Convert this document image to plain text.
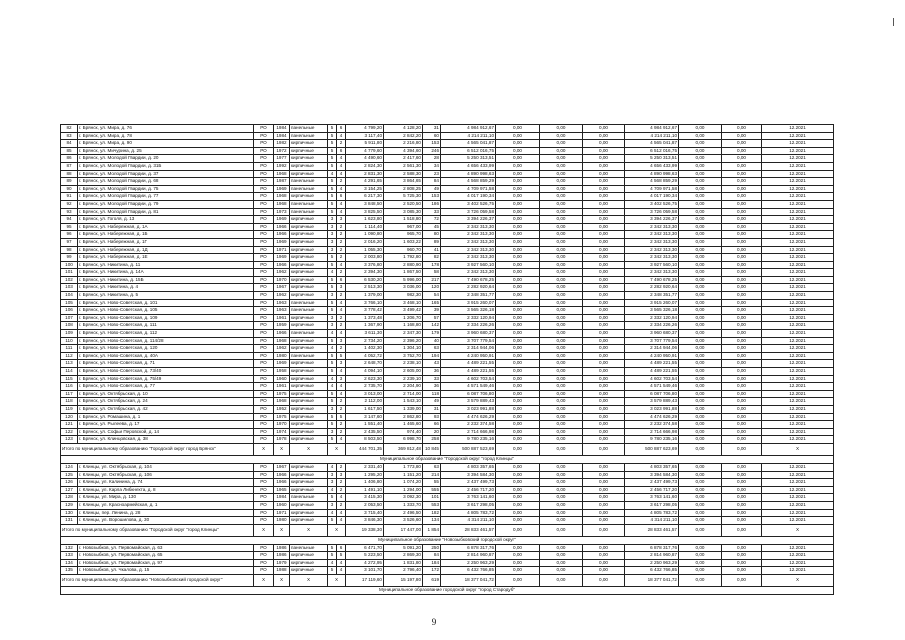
82	г. Брянск, ул. Мира, д. 76	РО	1984	панельные	5	6	4 799,20	4 128,20	31	4 984 912,67	0,00	0,00	0,00	4 984 912,67	0,00	0,00	12.2021
83	г. Брянск, ул. Мира, д. 78	РО	1984	панельные	5	4	3 117,40	2 842,20	60	4 214 211,10	0,00	0,00	0,00	4 214 211,10	0,00	0,00	12.2021
84	г. Брянск, ул. Мира, д. 90	РО	1982	кирпичные	5	2	5 911,80	2 216,80	153	4 565 041,87	0,00	0,00	0,00	4 565 041,87	0,00	0,00	12.2021
85	г. Брянск, ул. Мичурина, д. 25	РО	1972	кирпичные	5	6	4 779,60	4 394,60	246	6 512 016,75	0,00	0,00	0,00	6 512 016,75	0,00	0,00	12.2021
86	г. Брянск, ул. Молодой Гвардии, д. 20	РО	1977	кирпичные	5	4	4 490,60	2 417,60	28	5 250 313,51	0,00	0,00	0,00	5 250 313,51	0,00	0,00	12.2021
87	г. Брянск, ул. Молодой Гвардии, д. 31Б	РО	1992	кирпичные	5	4	2 824,30	2 561,30	34	4 656 433,99	0,00	0,00	0,00	4 656 433,99	0,00	0,00	12.2021
88	г. Брянск, ул. Молодой Гвардии, д. 37	РО	1968	кирпичные	4	4	2 831,30	2 588,30	23	4 890 998,63	0,00	0,00	0,00	4 890 998,63	0,00	0,00	12.2021
89	г. Брянск, ул. Молодой Гвардии, д. 68	РО	1987	панельные	5	2	4 291,65	3 864,65	84	4 568 859,29	0,00	0,00	0,00	4 568 859,29	0,00	0,00	12.2021
90	г. Брянск, ул. Молодой Гвардии, д. 75	РО	1969	панельные	5	4	3 154,25	2 808,25	49	4 709 971,58	0,00	0,00	0,00	4 709 971,58	0,00	0,00	12.2021
91	г. Брянск, ул. Молодой Гвардии, д. 77	РО	1968	кирпичные	5	6	6 217,30	5 725,30	153	4 017 190,34	0,00	0,00	0,00	4 017 190,34	0,00	0,00	12.2021
92	г. Брянск, ул. Молодой Гвардии, д. 79	РО	1968	панельные	5	4	3 848,50	2 520,50	186	3 402 526,75	0,00	0,00	0,00	3 402 526,75	0,00	0,00	12.2021
93	г. Брянск, ул. Молодой Гвардии, д. 81	РО	1973	панельные	5	4	3 825,50	3 085,30	33	3 726 059,58	0,00	0,00	0,00	3 726 059,58	0,00	0,00	12.2021
94	г. Брянск, ул. Гоголя, д. 13	РО	1969	кирпичные	3	3	1 623,80	1 518,80	72	3 394 226,37	0,00	0,00	0,00	3 394 226,37	0,00	0,00	12.2021
95	г. Брянск, ул. Набережная, д. 1А	РО	1966	кирпичные	3	2	1 114,40	967,00	45	2 342 313,30	0,00	0,00	0,00	2 342 313,30	0,00	0,00	12.2021
96	г. Брянск, ул. Набережная, д. 1Б	РО	1966	кирпичные	3	2	1 090,80	965,70	80	2 342 313,30	0,00	0,00	0,00	2 342 313,30	0,00	0,00	12.2021
97	г. Брянск, ул. Набережная, д. 1Г	РО	1969	кирпичные	3	2	2 016,20	1 603,22	89	2 342 313,30	0,00	0,00	0,00	2 342 313,30	0,00	0,00	12.2021
98	г. Брянск, ул. Набережная, д. 1Д	РО	1971	кирпичные	3	2	1 055,30	960,70	41	2 342 313,30	0,00	0,00	0,00	2 342 313,30	0,00	0,00	12.2021
99	г. Брянск, ул. Набережная, д. 1Е	РО	1969	кирпичные	5	2	2 003,80	1 792,80	82	2 342 313,30	0,00	0,00	0,00	2 342 313,30	0,00	0,00	12.2021
100	г. Брянск, ул. Никитина, д. 11	РО	1966	кирпичные	5	4	3 376,80	2 880,90	178	3 927 560,10	0,00	0,00	0,00	3 927 560,10	0,00	0,00	12.2021
101	г. Брянск, ул. Никитина, д. 14А	РО	1962	кирпичные	4	2	2 394,30	1 867,50	58	2 342 313,30	0,00	0,00	0,00	2 342 313,30	0,00	0,00	12.2021
102	г. Брянск, ул. Никитина, д. 15Б	РО	1970	кирпичные	5	6	6 530,20	5 996,00	217	7 490 678,25	0,00	0,00	0,00	7 490 678,25	0,00	0,00	12.2021
103	г. Брянск, ул. Никитина, д. 4	РО	1967	кирпичные	5	3	2 513,30	3 036,00	120	2 282 920,64	0,00	0,00	0,00	2 282 920,64	0,00	0,00	12.2021
104	г. Брянск, ул. Никитина, д. 5	РО	1962	кирпичные	3	2	1 379,00	982,30	54	2 348 351,77	0,00	0,00	0,00	2 348 351,77	0,00	0,00	12.2021
105	г. Брянск, ул. Ново-Советская, д. 101	РО	1963	панельные	5	4	3 766,10	3 468,10	165	3 915 260,07	0,00	0,00	0,00	3 915 260,07	0,00	0,00	12.2021
106	г. Брянск, ул. Ново-Советская, д. 105	РО	1963	панельные	5	4	3 778,42	3 499,42	39	3 565 326,18	0,00	0,00	0,00	3 565 326,18	0,00	0,00	12.2021
107	г. Брянск, ул. Ново-Советская, д. 109	РО	1961	кирпичные	3	2	1 373,48	1 206,70	57	2 332 120,94	0,00	0,00	0,00	2 332 120,94	0,00	0,00	12.2021
108	г. Брянск, ул. Ново-Советская, д. 111	РО	1959	кирпичные	3	2	1 367,90	1 168,80	142	2 334 226,26	0,00	0,00	0,00	2 334 226,26	0,00	0,00	12.2021
109	г. Брянск, ул. Ново-Советская, д. 112	РО	1966	панельные	4	4	3 611,30	2 347,30	179	3 960 680,37	0,00	0,00	0,00	3 960 680,37	0,00	0,00	12.2021
110	г. Брянск, ул. Ново-Советская, д. 114/28	РО	1968	кирпичные	5	3	2 734,20	2 396,20	40	3 707 779,54	0,00	0,00	0,00	3 707 779,54	0,00	0,00	12.2021
111	г. Брянск, ул. Ново-Советская, д. 120	РО	1962	кирпичные	4	2	1 402,30	1 304,10	63	2 314 944,06	0,00	0,00	0,00	2 314 944,06	0,00	0,00	12.2021
112	г. Брянск, ул. Ново-Советская, д. 40А	РО	1980	панельные	5	5	4 052,72	3 752,70	194	4 240 950,91	0,00	0,00	0,00	4 240 950,91	0,00	0,00	12.2021
113	г. Брянск, ул. Ново-Советская, д. 71	РО	1969	кирпичные	5	3	2 648,70	2 238,10	43	4 489 221,55	0,00	0,00	0,00	4 489 221,55	0,00	0,00	12.2021
114	г. Брянск, ул. Ново-Советская, д. 73/40	РО	1958	кирпичные	5	4	4 094,10	2 605,00	36	4 489 221,55	0,00	0,00	0,00	4 489 221,55	0,00	0,00	12.2021
115	г. Брянск, ул. Ново-Советская, д. 75/49	РО	1960	кирпичные	4	3	2 623,30	2 239,10	33	4 602 703,54	0,00	0,00	0,00	4 602 703,54	0,00	0,00	12.2021
116	г. Брянск, ул. Ново-Советская, д. 77	РО	1961	кирпичные	4	4	2 735,70	2 204,90	36	4 571 549,46	0,00	0,00	0,00	4 571 549,46	0,00	0,00	12.2021
117	г. Брянск, ул. Октябрьская, д. 10	РО	1975	кирпичные	5	4	3 013,00	2 714,00	118	6 087 706,80	0,00	0,00	0,00	6 087 706,80	0,00	0,00	12.2021
118	г. Брянск, ул. Октябрьская, д. 24	РО	1968	кирпичные	5	2	2 112,00	1 543,10	49	3 579 889,43	0,00	0,00	0,00	3 579 889,43	0,00	0,00	12.2021
119	г. Брянск, ул. Октябрьская, д. 42	РО	1952	кирпичные	3	2	1 617,50	1 339,00	31	3 023 991,88	0,00	0,00	0,00	3 023 991,88	0,00	0,00	12.2021
120	г. Брянск, ул. Ромашина, д. 1	РО	1975	кирпичные	5	5	3 147,60	2 862,80	93	4 474 626,29	0,00	0,00	0,00	4 474 626,29	0,00	0,00	12.2021
121	г. Брянск, ул. Рылеева, д. 17	РО	1970	кирпичные	5	2	1 551,40	1 465,60	66	2 232 374,58	0,00	0,00	0,00	2 232 374,58	0,00	0,00	12.2021
122	г. Брянск, ул. Софьи Перовской, д. 14	РО	1974	кирпичные	3	2	2 435,50	974,40	20	2 714 666,98	0,00	0,00	0,00	2 714 666,98	0,00	0,00	12.2021
123	г. Брянск, ул. Клинцовская, д. 38	РО	1978	кирпичные	5	4	8 503,50	6 998,70	258	9 780 235,16	0,00	0,00	0,00	9 780 235,16	0,00	0,00	12.2021
Итого по муниципальному образованию "Городской округ город Брянск"		Х	Х	Х	Х		444 701,35	369 812,48	10 845	500 887 523,69	0,00	0,00	0,00	500 887 623,69	0,00	0,00	Х
Муниципальное образование "Городской округ "город Клинцы"																	
124	г. Клинцы, ул. Октябрьская, д. 104	РО	1967	кирпичные	4	2	2 331,40	1 773,80	63	4 803 357,65	0,00	0,00	0,00	4 803 357,65	0,00	0,00	12.2021
125	г. Клинцы, ул. Октябрьская, д. 106	РО	1966	кирпичные	3	3	1 295,20	1 151,20	214	3 394 584,30	0,00	0,00	0,00	3 394 584,30	0,00	0,00	12.2021
126	г. Клинцы, ул. Калинина, д. 74	РО	1966	кирпичные	3	2	1 406,80	1 074,20	55	2 437 499,73	0,00	0,00	0,00	2 437 499,73	0,00	0,00	12.2021
127	г. Клинцы, ул. Карла Либкнехта, д. 8	РО	1965	кирпичные	4	2	1 491,10	1 294,00	555	2 456 717,20	0,00	0,00	0,00	2 456 717,20	0,00	0,00	12.2021
128	г. Клинцы, ул. Мира, д. 130	РО	1984	панельные	5	4	3 415,30	3 092,30	101	3 763 141,60	0,00	0,00	0,00	3 763 141,60	0,00	0,00	12.2021
129	г. Клинцы, ул. Красноармейская, д. 1	РО	1960	кирпичные	3	2	2 053,50	1 333,70	553	3 617 298,05	0,00	0,00	0,00	3 617 298,05	0,00	0,00	12.2021
130	г. Клинцы, пер. Ленина, д. 28	РО	1971	кирпичные	4	4	3 715,40	2 496,50	182	4 805 783,72	0,00	0,00	0,00	4 805 783,72	0,00	0,00	12.2021
131	г. Клинцы, ул. Ворошилова, д. 30	РО	1980	кирпичные	5	4	3 846,30	3 526,60	134	4 314 211,10	0,00	0,00	0,00	4 314 211,10	0,00	0,00	12.2021
Итого по муниципальному образованию "Городской округ "город Клинцы"		Х	Х	Х	Х		19 338,30	17 447,00	1 854	28 833 461,57	0,00	0,00	0,00	28 833 461,57	0,00	0,00	Х
Муниципальное образование "Новозыбковский городской округ"																	
132	г. Новозыбков, ул. Первомайская, д. 63	РО	1986	панельные	5	6	6 471,70	5 091,20	250	6 878 317,76	0,00	0,00	0,00	6 878 317,76	0,00	0,00	12.2021
133	г. Новозыбков, ул. Первомайская, д. 65	РО	1986	кирпичные	5	5	5 223,50	2 869,30	84	2 814 960,87	0,00	0,00	0,00	2 814 960,87	0,00	0,00	12.2021
134	г. Новозыбков, ул. Первомайская, д. 97	РО	1979	кирпичные	4	4	4 272,95	1 831,80	184	2 250 963,29	0,00	0,00	0,00	2 250 963,29	0,00	0,00	12.2021
135	г. Новозыбков, ул. Чкалова, д. 15	РО	1988	кирпичные	5	4	3 101,70	2 796,40	172	6 432 766,85	0,00	0,00	0,00	6 432 766,85	0,00	0,00	12.2021
Итого по муниципальному образованию "Новозыбковский городской округ"		Х	Х	Х	Х		17 119,60	15 197,80	619	18 377 041,72	0,00	0,00	0,00	18 377 041,72	0,00	0,00	Х
Муниципальное образование городской округ "город Стародуб"																	
9
